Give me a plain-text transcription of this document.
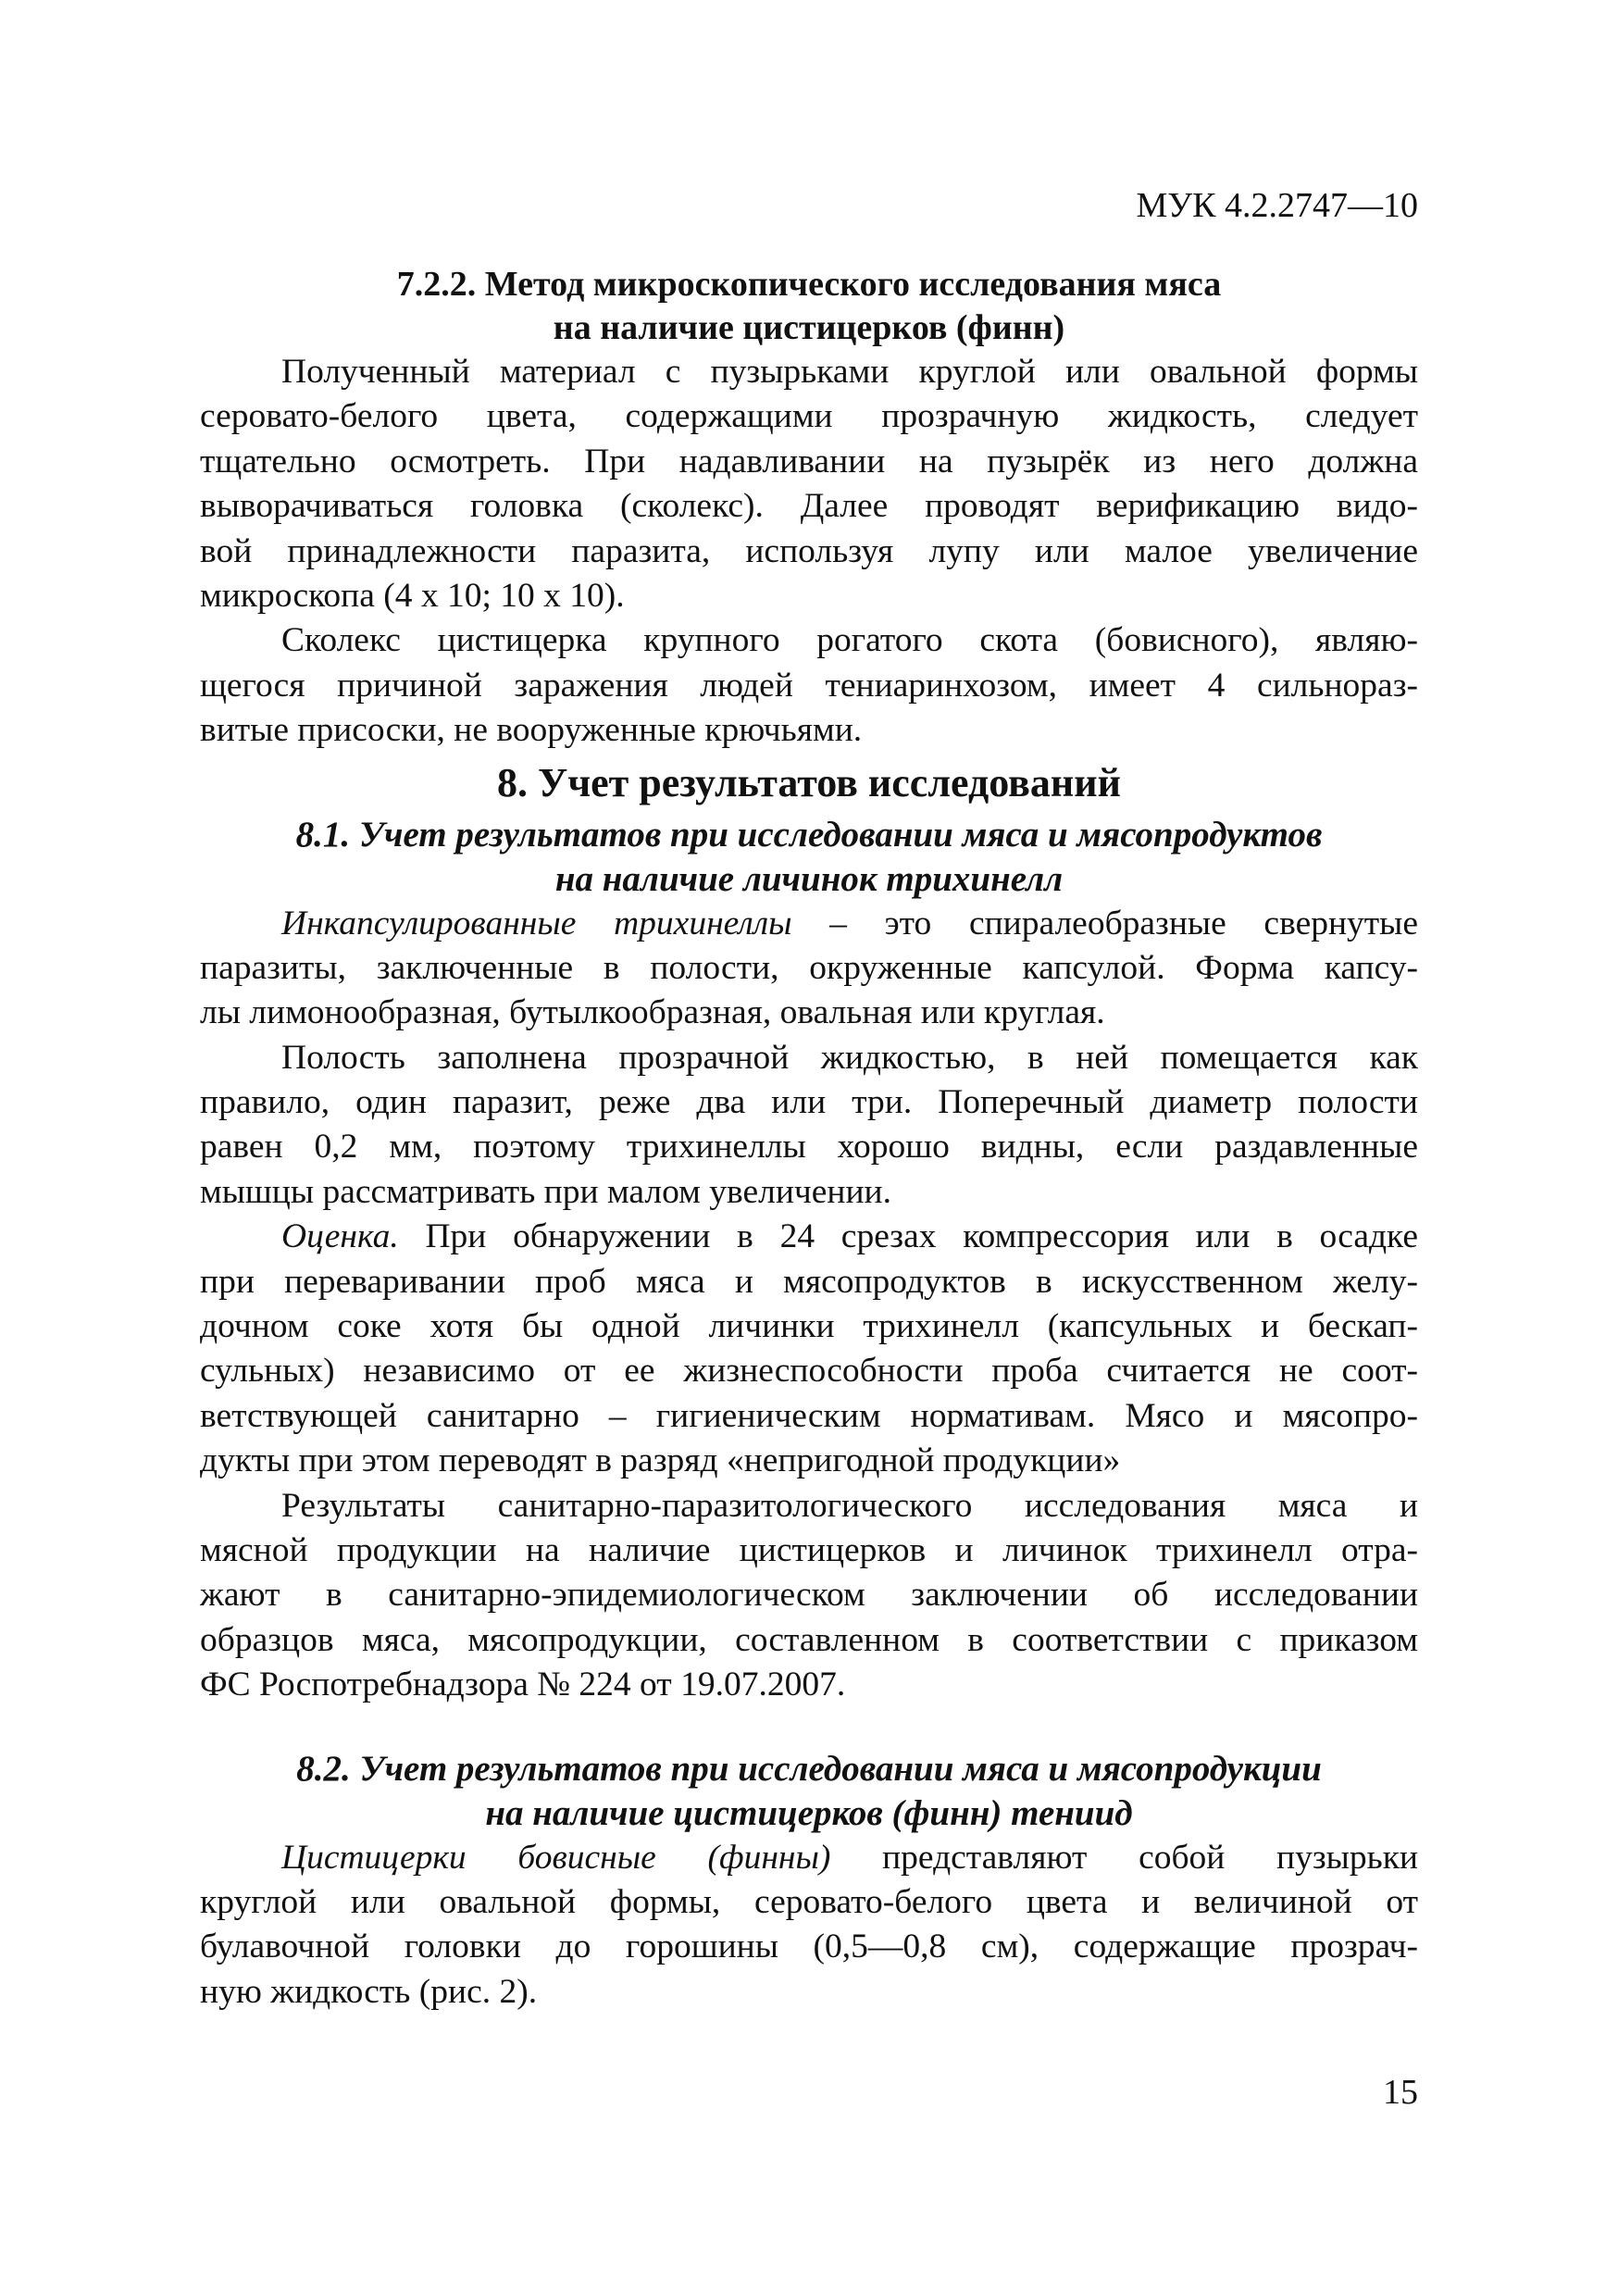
МУК 4.2.2747—10
7.2.2. Метод микроскопического исследования мяса
на наличие цистицерков (финн)
Полученный материал с пузырьками круглой или овальной формы
серовато-белого цвета, содержащими прозрачную жидкость, следует
тщательно осмотреть. При надавливании на пузырёк из него должна
выворачиваться головка (сколекс). Далее проводят верификацию видо-
вой принадлежности паразита, используя лупу или малое увеличение
микроскопа (4 х 10; 10 х 10).
Сколекс цистицерка крупного рогатого скота (бовисного), являю-
щегося причиной заражения людей тениаринхозом, имеет 4 сильнораз-
витые присоски, не вооруженные крючьями.
8. Учет результатов исследований
8.1. Учет результатов при исследовании мяса и мясопродуктов
на наличие личинок трихинелл
Инкапсулированные трихинеллы – это спиралеобразные свернутые
паразиты, заключенные в полости, окруженные капсулой. Форма капсу-
лы лимонообразная, бутылкообразная, овальная или круглая.
Полость заполнена прозрачной жидкостью, в ней помещается как
правило, один паразит, реже два или три. Поперечный диаметр полости
равен 0,2 мм, поэтому трихинеллы хорошо видны, если раздавленные
мышцы рассматривать при малом увеличении.
Оценка. При обнаружении в 24 срезах компрессория или в осадке
при переваривании проб мяса и мясопродуктов в искусственном желу-
дочном соке хотя бы одной личинки трихинелл (капсульных и бескап-
сульных) независимо от ее жизнеспособности проба считается не соот-
ветствующей санитарно – гигиеническим нормативам. Мясо и мясопро-
дукты при этом переводят в разряд «непригодной продукции»
Результаты санитарно-паразитологического исследования мяса и
мясной продукции на наличие цистицерков и личинок трихинелл отра-
жают в санитарно-эпидемиологическом заключении об исследовании
образцов мяса, мясопродукции, составленном в соответствии с приказом
ФС Роспотребнадзора № 224 от 19.07.2007.
8.2. Учет результатов при исследовании мяса и мясопродукции
на наличие цистицерков (финн) тениид
Цистицерки бовисные (финны) представляют собой пузырьки
круглой или овальной формы, серовато-белого цвета и величиной от
булавочной головки до горошины (0,5—0,8 см), содержащие прозрач-
ную жидкость (рис. 2).
15
